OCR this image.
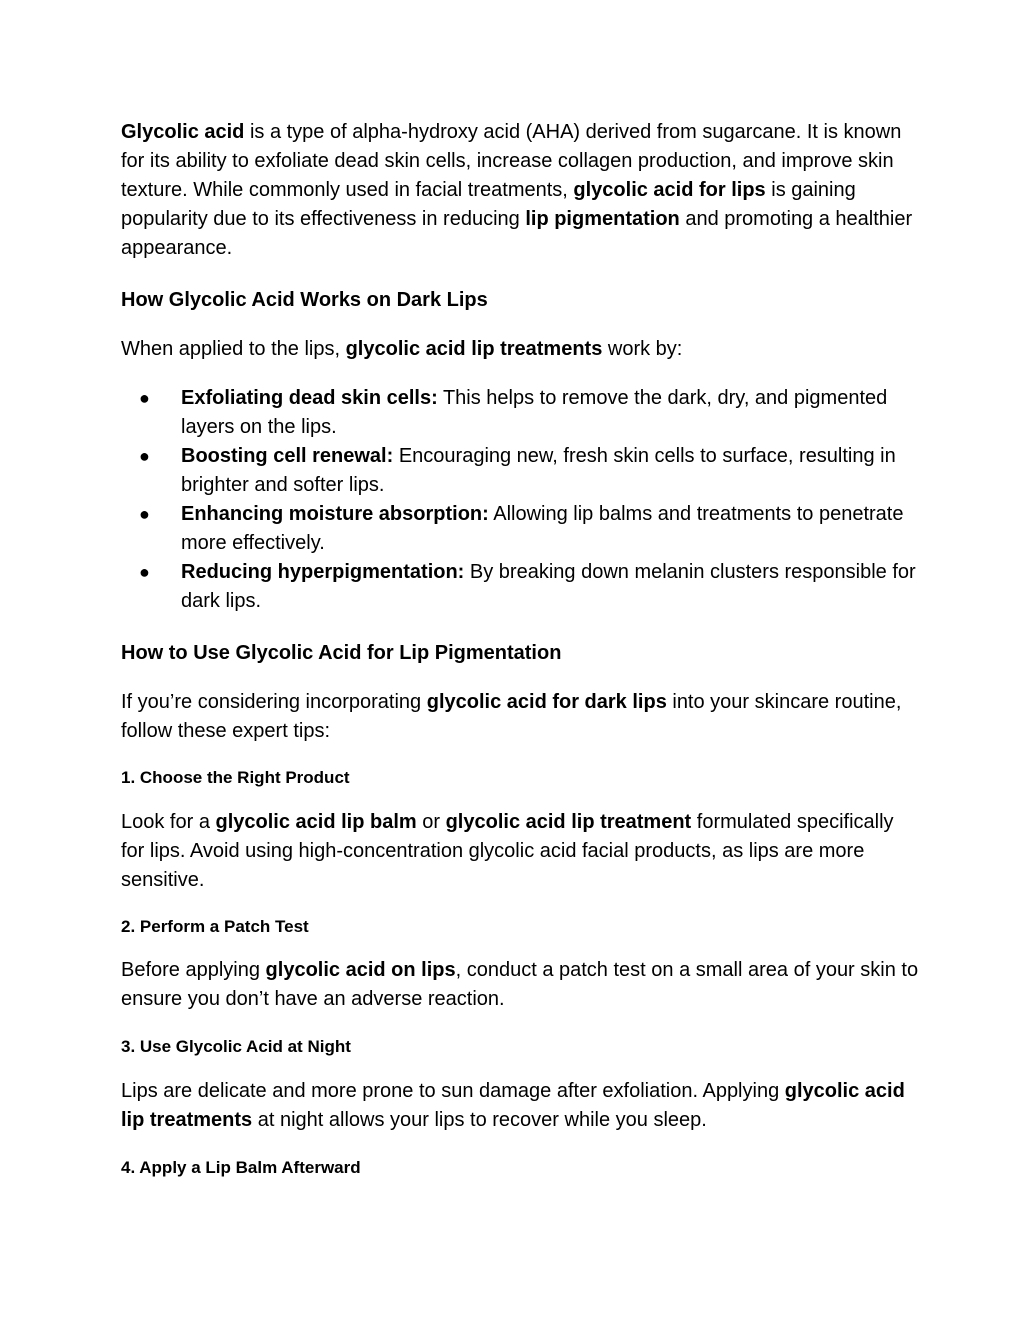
Glycolic acid is a type of alpha-hydroxy acid (AHA) derived from sugarcane. It is known for its ability to exfoliate dead skin cells, increase collagen production, and improve skin texture. While commonly used in facial treatments, glycolic acid for lips is gaining popularity due to its effectiveness in reducing lip pigmentation and promoting a healthier appearance.

How Glycolic Acid Works on Dark Lips

When applied to the lips, glycolic acid lip treatments work by:

● Exfoliating dead skin cells: This helps to remove the dark, dry, and pigmented layers on the lips.
● Boosting cell renewal: Encouraging new, fresh skin cells to surface, resulting in brighter and softer lips.
● Enhancing moisture absorption: Allowing lip balms and treatments to penetrate more effectively.
● Reducing hyperpigmentation: By breaking down melanin clusters responsible for dark lips.
How to Use Glycolic Acid for Lip Pigmentation

If you’re considering incorporating glycolic acid for dark lips into your skincare routine, follow these expert tips:

1. Choose the Right Product

Look for a glycolic acid lip balm or glycolic acid lip treatment formulated specifically for lips. Avoid using high-concentration glycolic acid facial products, as lips are more sensitive.

2. Perform a Patch Test

Before applying glycolic acid on lips, conduct a patch test on a small area of your skin to ensure you don’t have an adverse reaction.

3. Use Glycolic Acid at Night

Lips are delicate and more prone to sun damage after exfoliation. Applying glycolic acid lip treatments at night allows your lips to recover while you sleep.

4. Apply a Lip Balm Afterward
